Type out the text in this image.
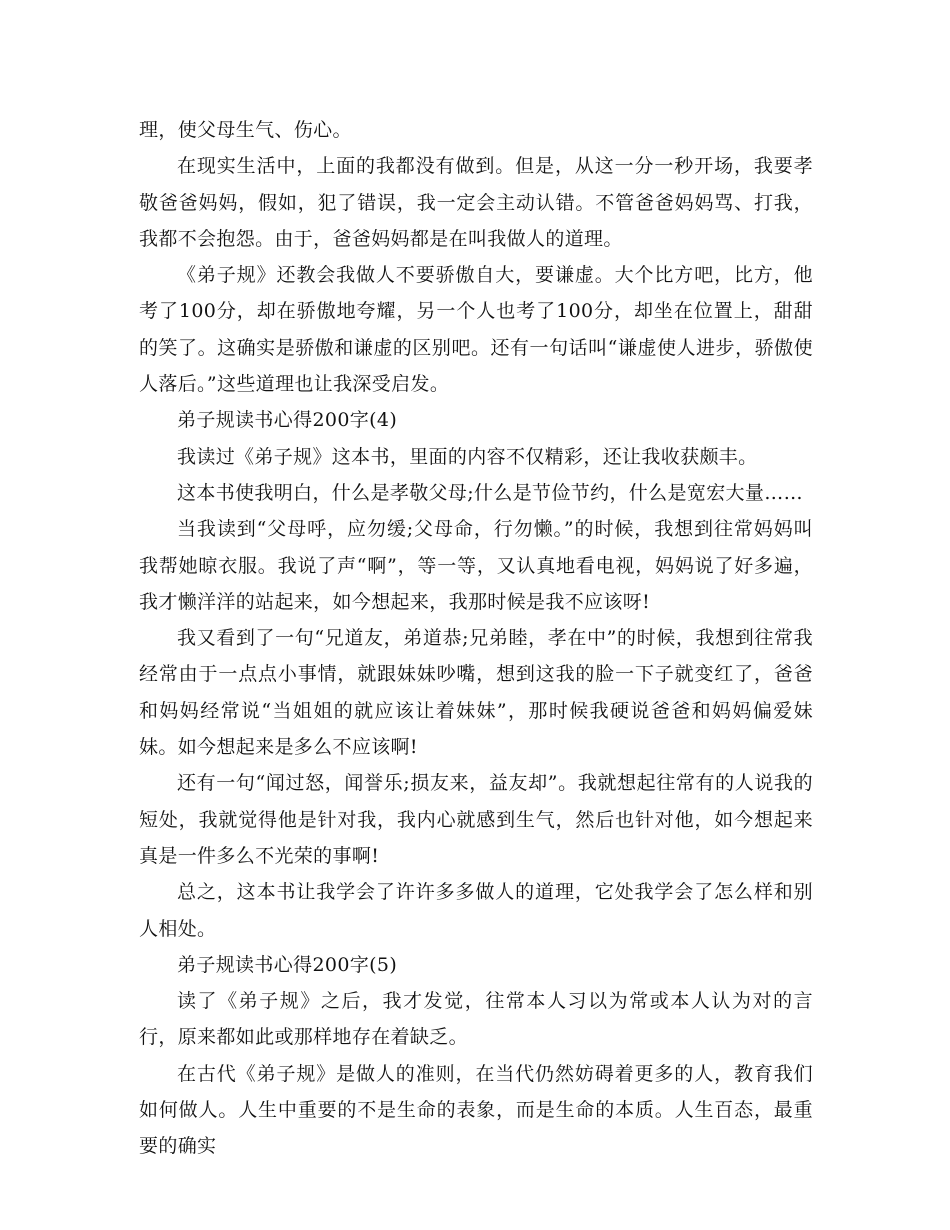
理，使父母生气、伤心。

在现实生活中，上面的我都没有做到。但是，从这一分一秒开场，我要孝敬爸爸妈妈，假如，犯了错误，我一定会主动认错。不管爸爸妈妈骂、打我，我都不会抱怨。由于，爸爸妈妈都是在叫我做人的道理。

《弟子规》还教会我做人不要骄傲自大，要谦虚。大个比方吧，比方，他考了100分，却在骄傲地夸耀，另一个人也考了100分，却坐在位置上，甜甜的笑了。这确实是骄傲和谦虚的区别吧。还有一句话叫“谦虚使人进步，骄傲使人落后。”这些道理也让我深受启发。

弟子规读书心得200字(4)

我读过《弟子规》这本书，里面的内容不仅精彩，还让我收获颇丰。

这本书使我明白，什么是孝敬父母;什么是节俭节约，什么是宽宏大量……

当我读到“父母呼，应勿缓;父母命，行勿懒。”的时候，我想到往常妈妈叫我帮她晾衣服。我说了声“啊”，等一等，又认真地看电视，妈妈说了好多遍，我才懒洋洋的站起来，如今想起来，我那时候是我不应该呀!

我又看到了一句“兄道友，弟道恭;兄弟睦，孝在中”的时候，我想到往常我经常由于一点点小事情，就跟妹妹吵嘴，想到这我的脸一下子就变红了，爸爸和妈妈经常说“当姐姐的就应该让着妹妹”，那时候我硬说爸爸和妈妈偏爱妹妹。如今想起来是多么不应该啊!

还有一句“闻过怒，闻誉乐;损友来，益友却”。我就想起往常有的人说我的短处，我就觉得他是针对我，我内心就感到生气，然后也针对他，如今想起来真是一件多么不光荣的事啊!

总之，这本书让我学会了许许多多做人的道理，它处我学会了怎么样和别人相处。

弟子规读书心得200字(5)

读了《弟子规》之后，我才发觉，往常本人习以为常或本人认为对的言行，原来都如此或那样地存在着缺乏。

在古代《弟子规》是做人的准则，在当代仍然妨碍着更多的人，教育我们如何做人。人生中重要的不是生命的表象，而是生命的本质。人生百态，最重要的确实
